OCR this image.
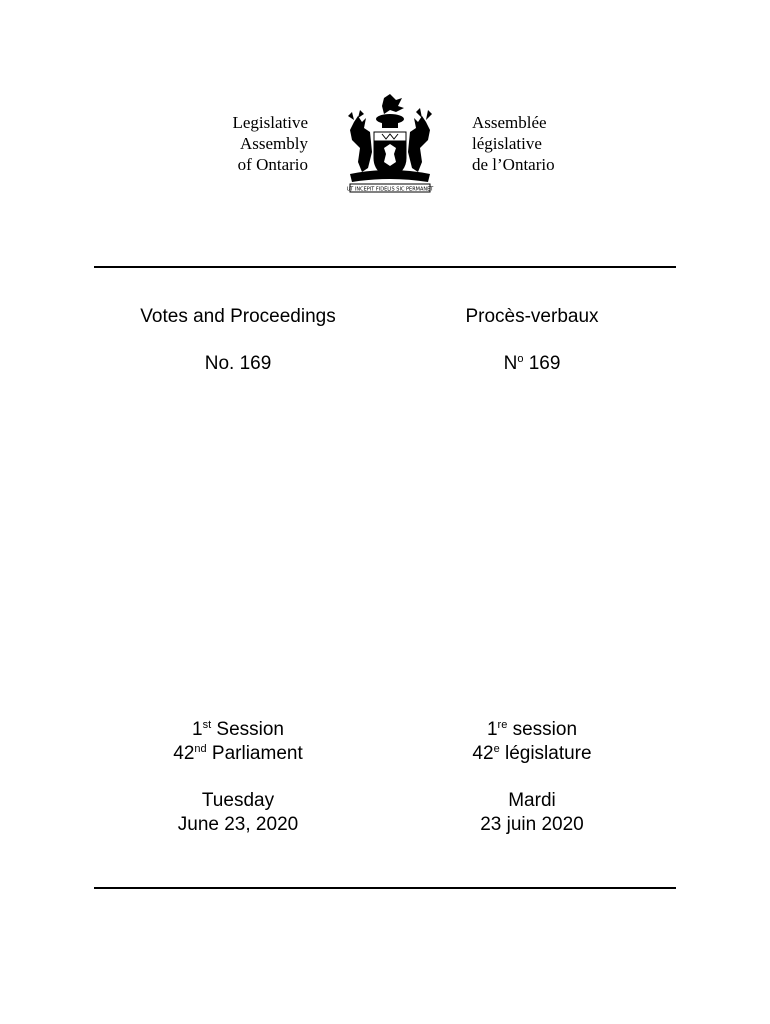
Legislative
Assembly
of Ontario
Assemblée
législative
de l’Ontario
UT INCEPIT FIDELIS SIC PERMANET
Votes and Proceedings	Procès-verbaux
No. 169	$N^o$ 169
1st Session
42nd Parliament
1re session
42e législature
Tuesday
June 23, 2020
Mardi
23 juin 2020
